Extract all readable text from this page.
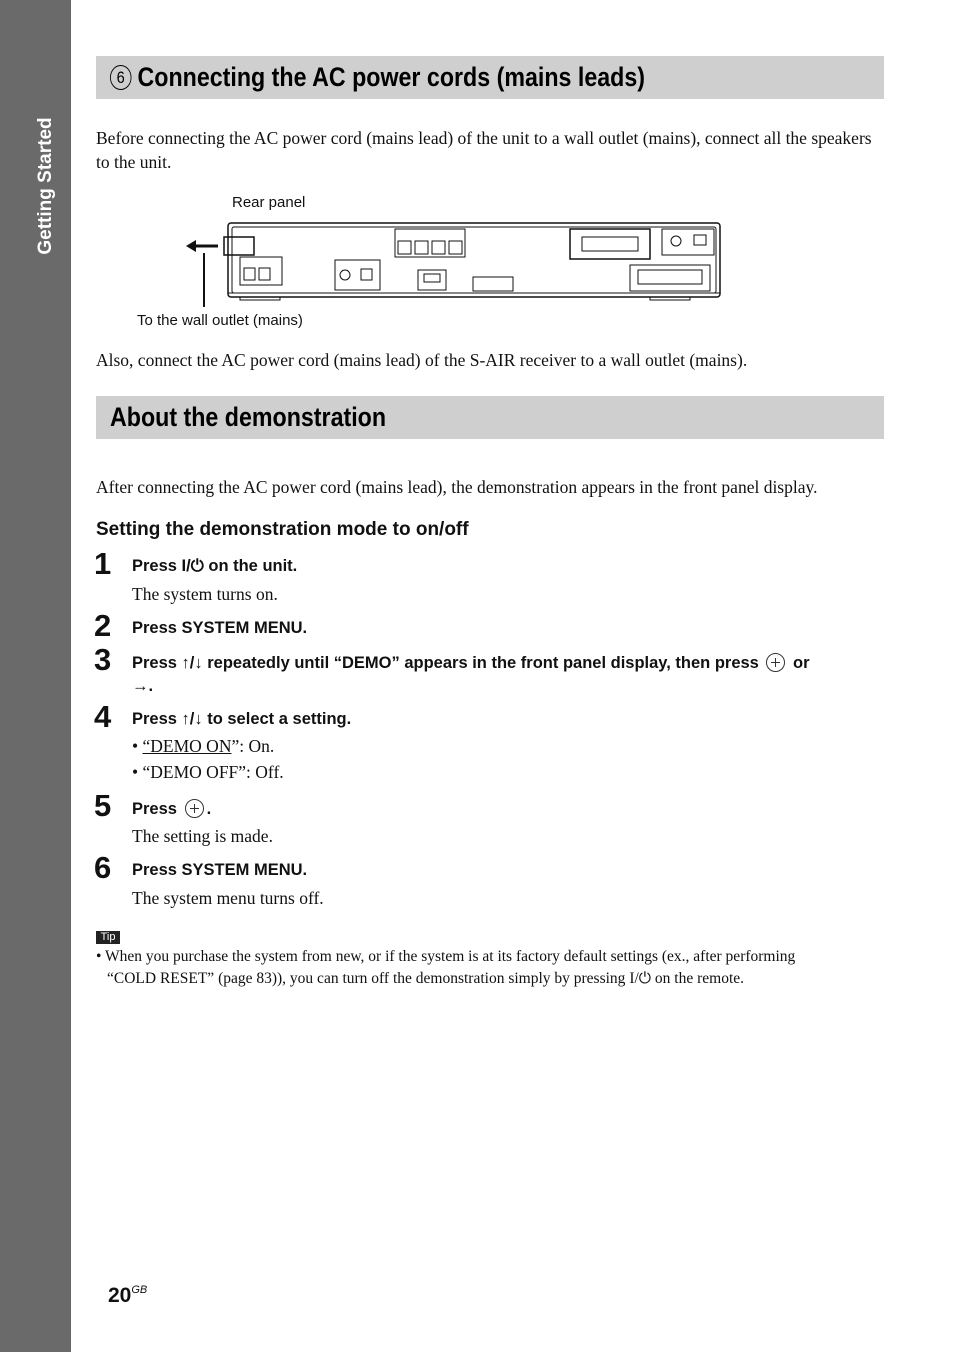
Getting Started
6 Connecting the AC power cords (mains leads)
Before connecting the AC power cord (mains lead) of the unit to a wall outlet (mains), connect all the speakers to the unit.
Rear panel
To the wall outlet (mains)
Also, connect the AC power cord (mains lead) of the S-AIR receiver to a wall outlet (mains).
About the demonstration
After connecting the AC power cord (mains lead), the demonstration appears in the front panel display.
Setting the demonstration mode to on/off
1 Press I/⏻ on the unit.
The system turns on.
2 Press SYSTEM MENU.
3 Press ↑/↓ repeatedly until “DEMO” appears in the front panel display, then press  or
→.
4 Press ↑/↓ to select a setting.
• “DEMO ON”: On.
• “DEMO OFF”: Off.
5 Press .
The setting is made.
6 Press SYSTEM MENU.
The system menu turns off.
Tip
• When you purchase the system from new, or if the system is at its factory default settings (ex., after performing
“COLD RESET” (page 83)), you can turn off the demonstration simply by pressing I/⏻ on the remote.
$20^{GB}$
